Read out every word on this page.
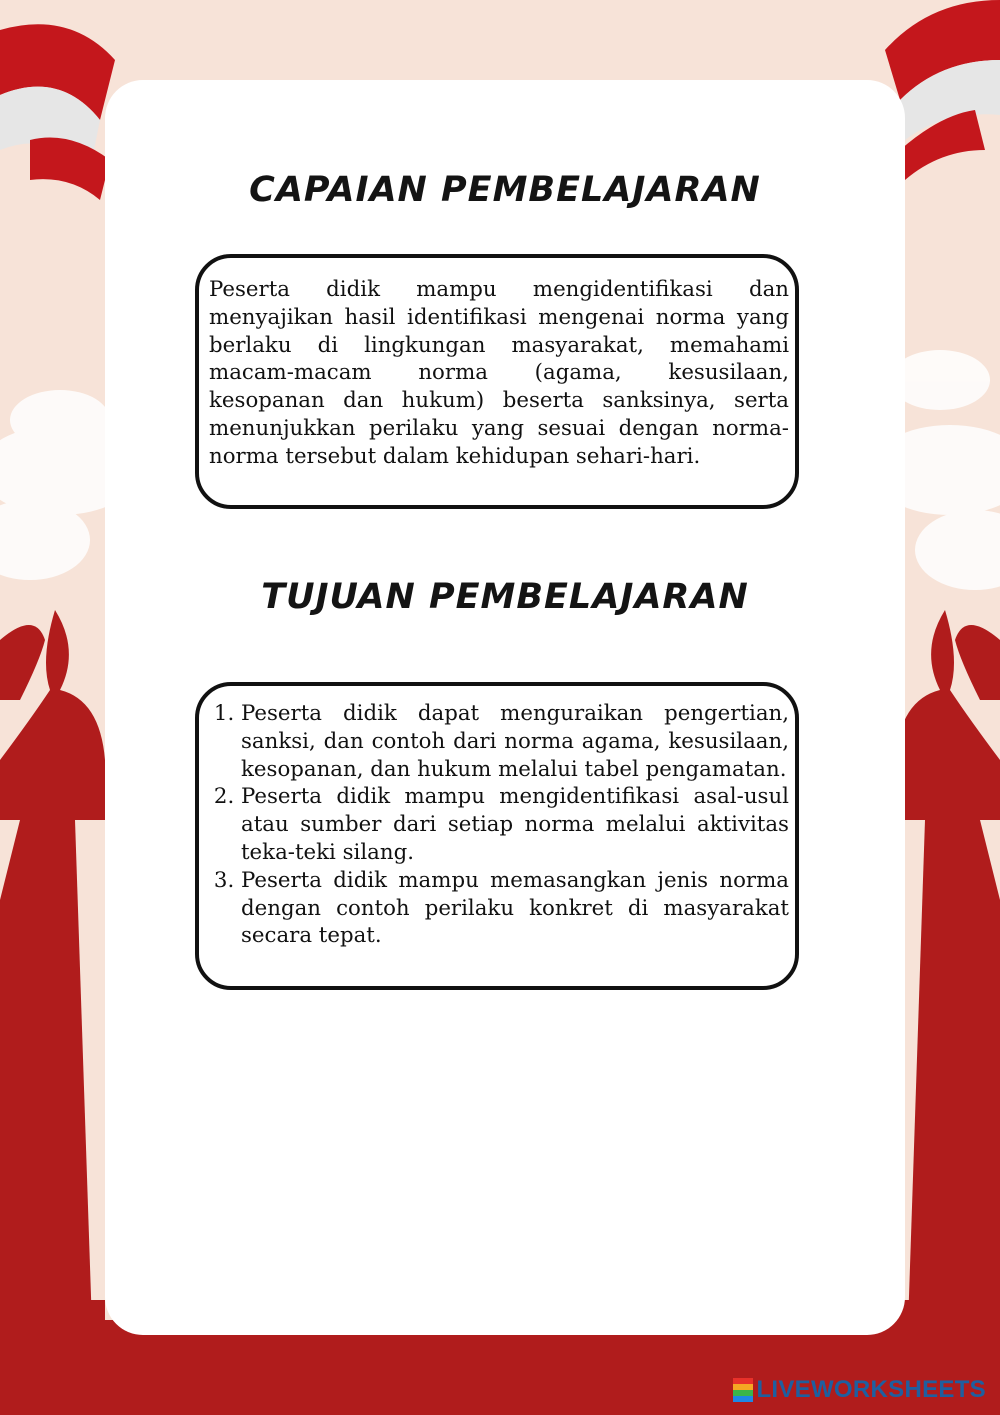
CAPAIAN PEMBELAJARAN
Peserta didik mampu mengidentifikasi dan menyajikan hasil identifikasi mengenai norma yang berlaku di lingkungan masyarakat, memahami macam-macam norma (agama, kesusilaan, kesopanan dan hukum) beserta sanksinya, serta menunjukkan perilaku yang sesuai dengan norma-norma tersebut dalam kehidupan sehari-hari.
TUJUAN PEMBELAJARAN
1. Peserta didik dapat menguraikan pengertian, sanksi, dan contoh dari norma agama, kesusilaan, kesopanan, dan hukum melalui tabel pengamatan.
2. Peserta didik mampu mengidentifikasi asal-usul atau sumber dari setiap norma melalui aktivitas teka-teki silang.
3. Peserta didik mampu memasangkan jenis norma dengan contoh perilaku konkret di masyarakat secara tepat.
LIVEWORKSHEETS
